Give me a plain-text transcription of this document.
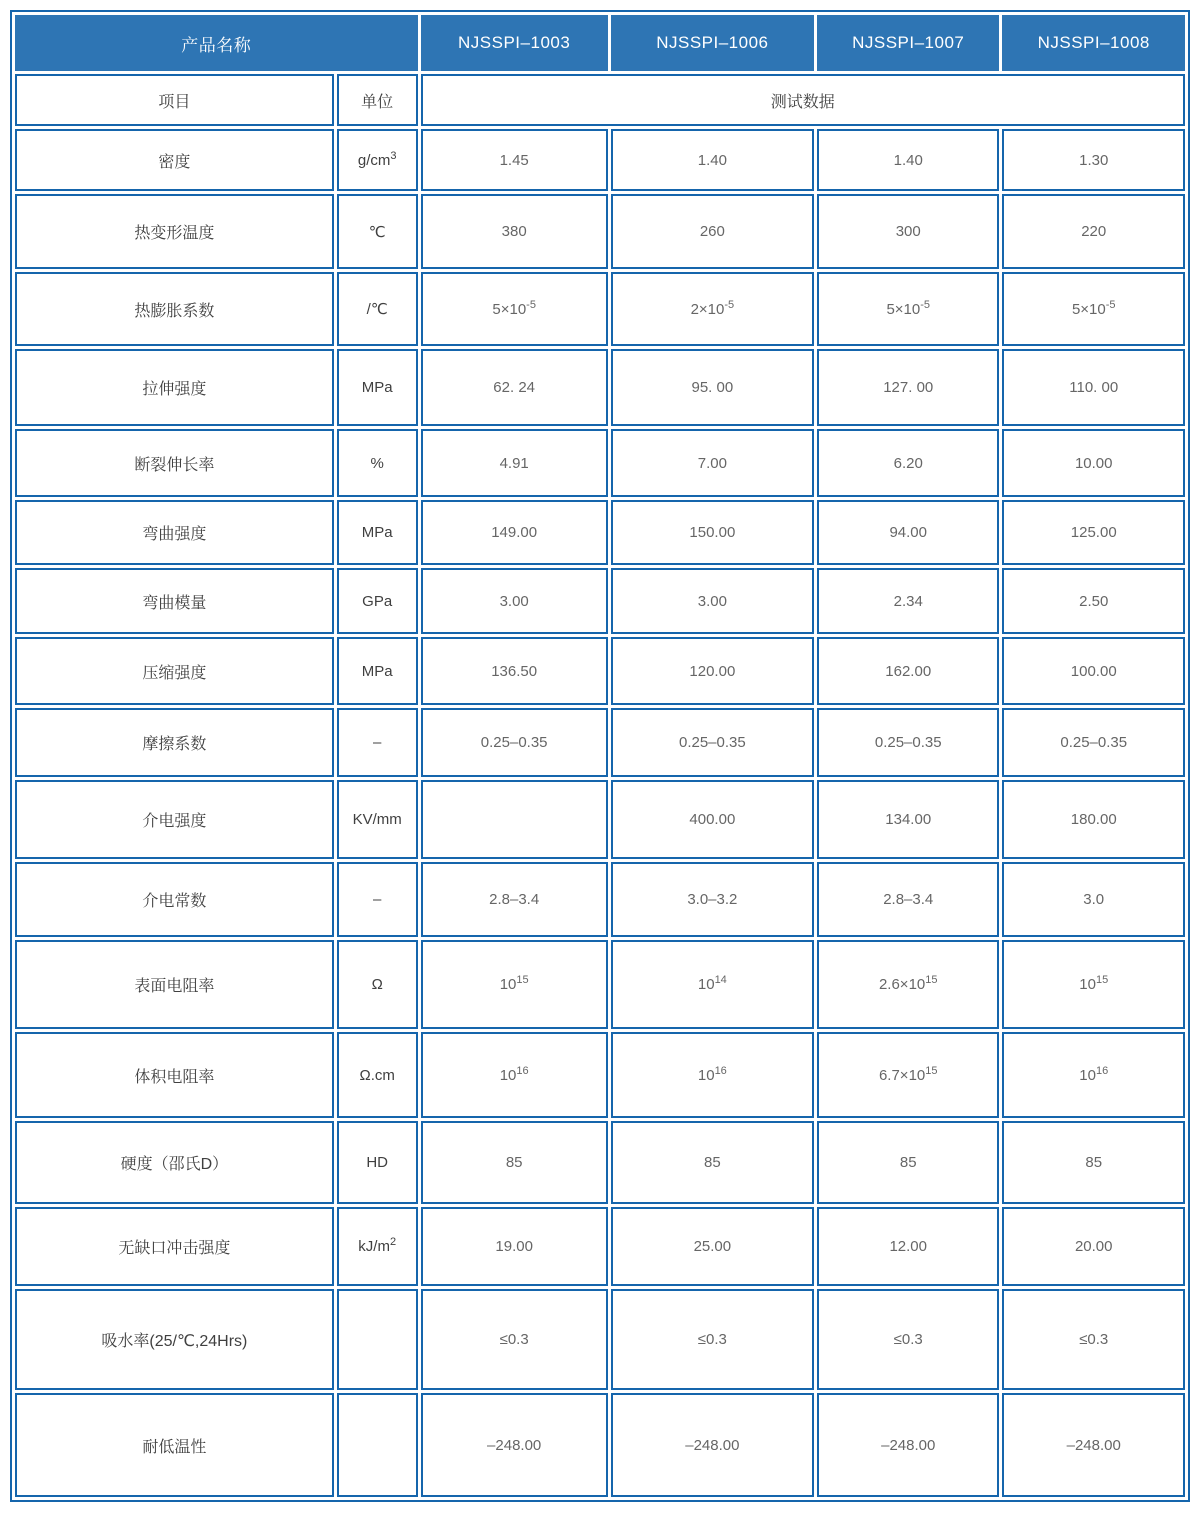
产品名称		NJSSPI–1003	NJSSPI–1006	NJSSPI–1007	NJSSPI–1008
项目	单位	测试数据			
密度	$g/cm^3$	1.45	1.40	1.40	1.30
热变形温度	℃	380	260	300	220
热膨胀系数	/℃	$5\times 10^{-5}$	$2\times 10^{-5}$	$5\times 10^{-5}$	$5\times 10^{-5}$
拉伸强度	MPa	62. 24	95. 00	127. 00	110. 00
断裂伸长率	%	4.91	7.00	6.20	10.00
弯曲强度	MPa	149.00	150.00	94.00	125.00
弯曲模量	GPa	3.00	3.00	2.34	2.50
压缩强度	MPa	136.50	120.00	162.00	100.00
摩擦系数	–	0.25–0.35	0.25–0.35	0.25–0.35	0.25–0.35
介电强度	KV/mm		400.00	134.00	180.00
介电常数	–	2.8–3.4	3.0–3.2	2.8–3.4	3.0
表面电阻率	Ω	$10^{15}$	$10^{14}$	$2.6\times 10^{15}$	$10^{15}$
体积电阻率	Ω.cm	$10^{16}$	$10^{16}$	$6.7\times 10^{15}$	$10^{16}$
硬度（邵氏D）	HD	85	85	85	85
无缺口冲击强度	$kJ/m^2$	19.00	25.00	12.00	20.00
吸水率(25/℃,24Hrs)		≤0.3	≤0.3	≤0.3	≤0.3
耐低温性		–248.00	–248.00	–248.00	–248.00
